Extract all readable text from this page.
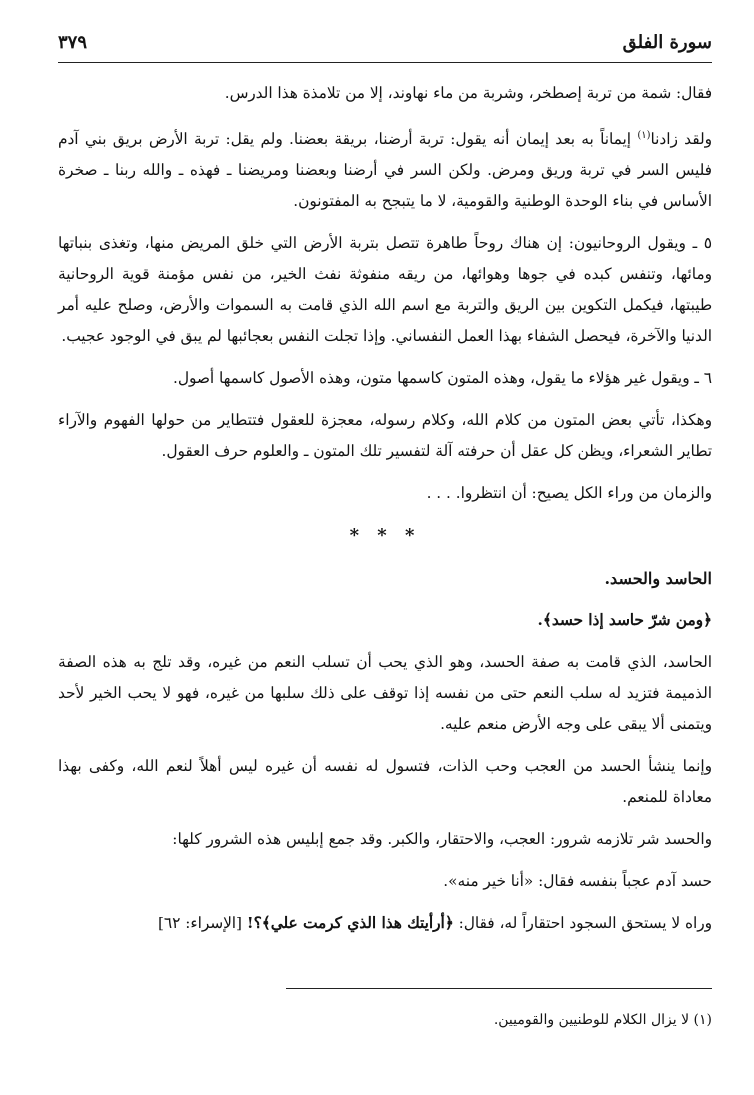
سورة الفلق
٣٧٩

فقال: شمة من تربة إصطخر، وشربة من ماء نهاوند، إلا من تلامذة هذا الدرس.

ولقد زادنا$^{(١)}$ إيماناً به بعد إيمان أنه يقول: تربة أرضنا، بريقة بعضنا. ولم يقل: تربة الأرض بريق بني آدم فليس السر في تربة وريق ومرض. ولكن السر في أرضنا وبعضنا ومريضنا ـ فهذه ـ والله ربنا ـ صخرة الأساس في بناء الوحدة الوطنية والقومية، لا ما يتبجح به المفتونون.

٥ ـ ويقول الروحانيون: إن هناك روحاً طاهرة تتصل بتربة الأرض التي خلق المريض منها، وتغذى بنباتها ومائها، وتنفس كبده في جوها وهوائها، من ريقه منفوثة نفث الخير، من نفس مؤمنة قوية الروحانية طيبتها، فيكمل التكوين بين الريق والتربة مع اسم الله الذي قامت به السموات والأرض، وصلح عليه أمر الدنيا والآخرة، فيحصل الشفاء بهذا العمل النفساني. وإذا تجلت النفس بعجائبها لم يبق في الوجود عجيب.

٦ ـ ويقول غير هؤلاء ما يقول، وهذه المتون كاسمها متون، وهذه الأصول كاسمها أصول.

وهكذا، تأتي بعض المتون من كلام الله، وكلام رسوله، معجزة للعقول فتتطاير من حولها الفهوم والآراء تطاير الشعراء، ويظن كل عقل أن حرفته آلة لتفسير تلك المتون ـ والعلوم حرف العقول.

والزمان من وراء الكل يصيح: أن انتظروا. . . .

* * *

الحاسد والحسد.

﴿ومن شرّ حاسد إذا حسد﴾.

الحاسد، الذي قامت به صفة الحسد، وهو الذي يحب أن تسلب النعم من غيره، وقد تلج به هذه الصفة الذميمة فتزيد له سلب النعم حتى من نفسه إذا توقف على ذلك سلبها من غيره، فهو لا يحب الخير لأحد ويتمنى ألا يبقى على وجه الأرض منعم عليه.

وإنما ينشأ الحسد من العجب وحب الذات، فتسول له نفسه أن غيره ليس أهلاً لنعم الله، وكفى بهذا معاداة للمنعم.

والحسد شر تلازمه شرور: العجب، والاحتقار، والكبر. وقد جمع إبليس هذه الشرور كلها:

حسد آدم عجباً بنفسه فقال: «أنا خير منه».

وراه لا يستحق السجود احتقاراً له، فقال: ﴿أرأيتك هذا الذي كرمت علي﴾؟! [الإسراء: ٦٢]

(١) لا يزال الكلام للوطنيين والقوميين.
